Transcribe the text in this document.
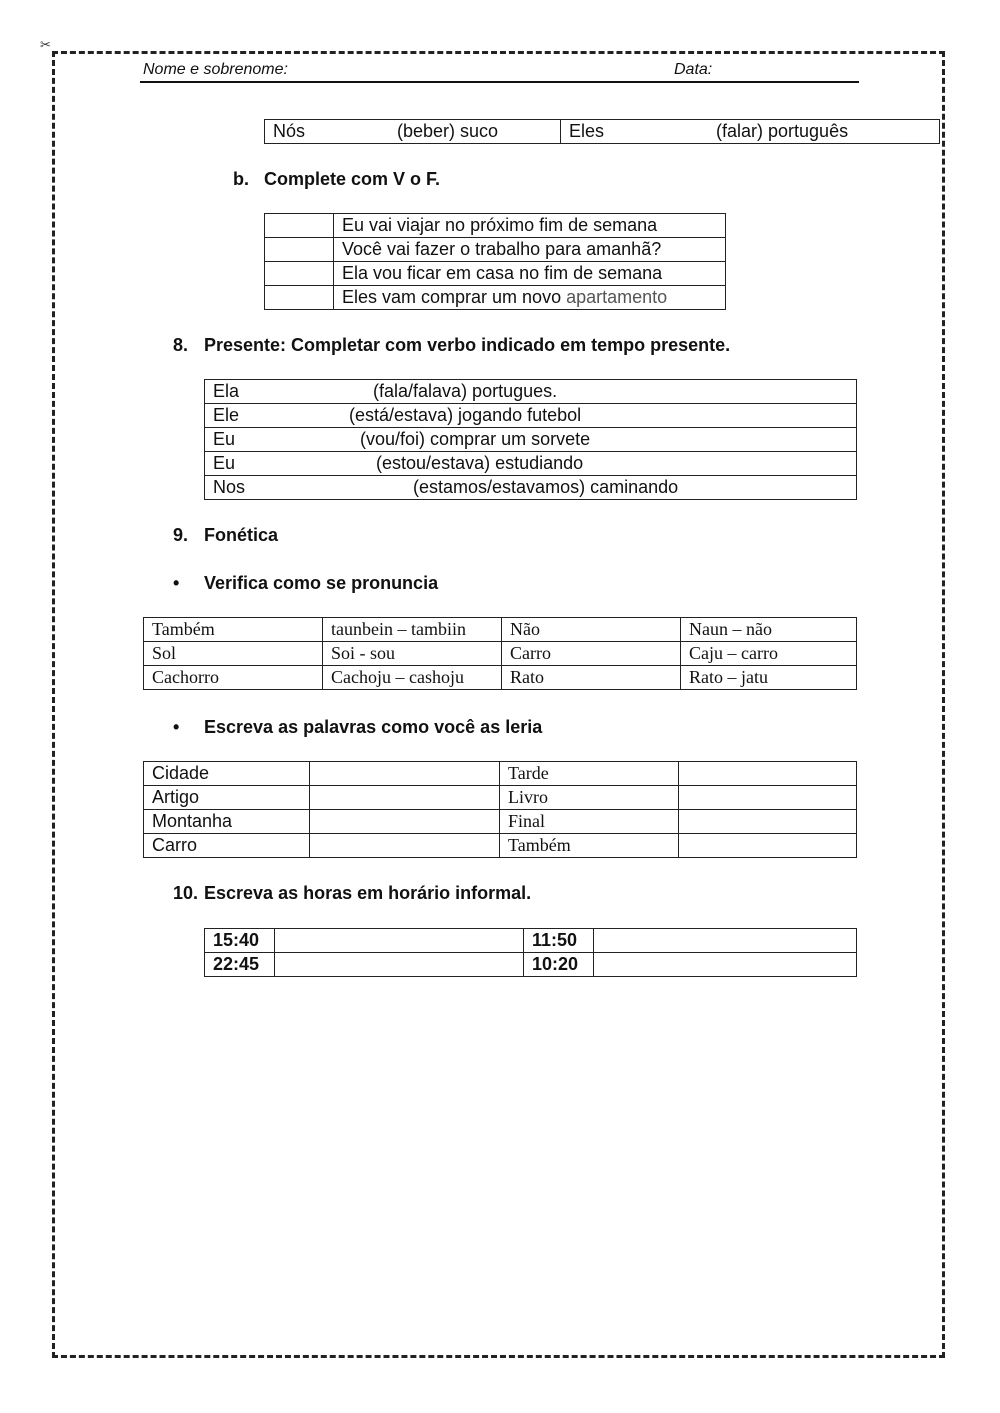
✂
Nome e sobrenome:	Data:
Nós	(beber) suco	Eles	(falar) português
b. Complete com V o F.
	Eu vai viajar no próximo fim de semana
	Você vai fazer o trabalho para amanhã?
	Ela vou ficar em casa no fim de semana
	Eles vam comprar um novo apartamento
8. Presente: Completar com verbo indicado em tempo presente.
Ela	(fala/falava) portugues.
Ele	(está/estava) jogando futebol
Eu	(vou/foi) comprar um sorvete
Eu	(estou/estava) estudiando
Nos	(estamos/estavamos) caminando
9. Fonética
• Verifica como se pronuncia
Também	taunbein – tambiin	Não	Naun – não
Sol	Soi - sou	Carro	Caju – carro
Cachorro	Cachoju – cashoju	Rato	Rato – jatu
• Escreva as palavras como você as leria
Cidade		Tarde	
Artigo		Livro	
Montanha		Final	
Carro		Também	
10. Escreva as horas em horário informal.
15:40		11:50	
22:45		10:20	
